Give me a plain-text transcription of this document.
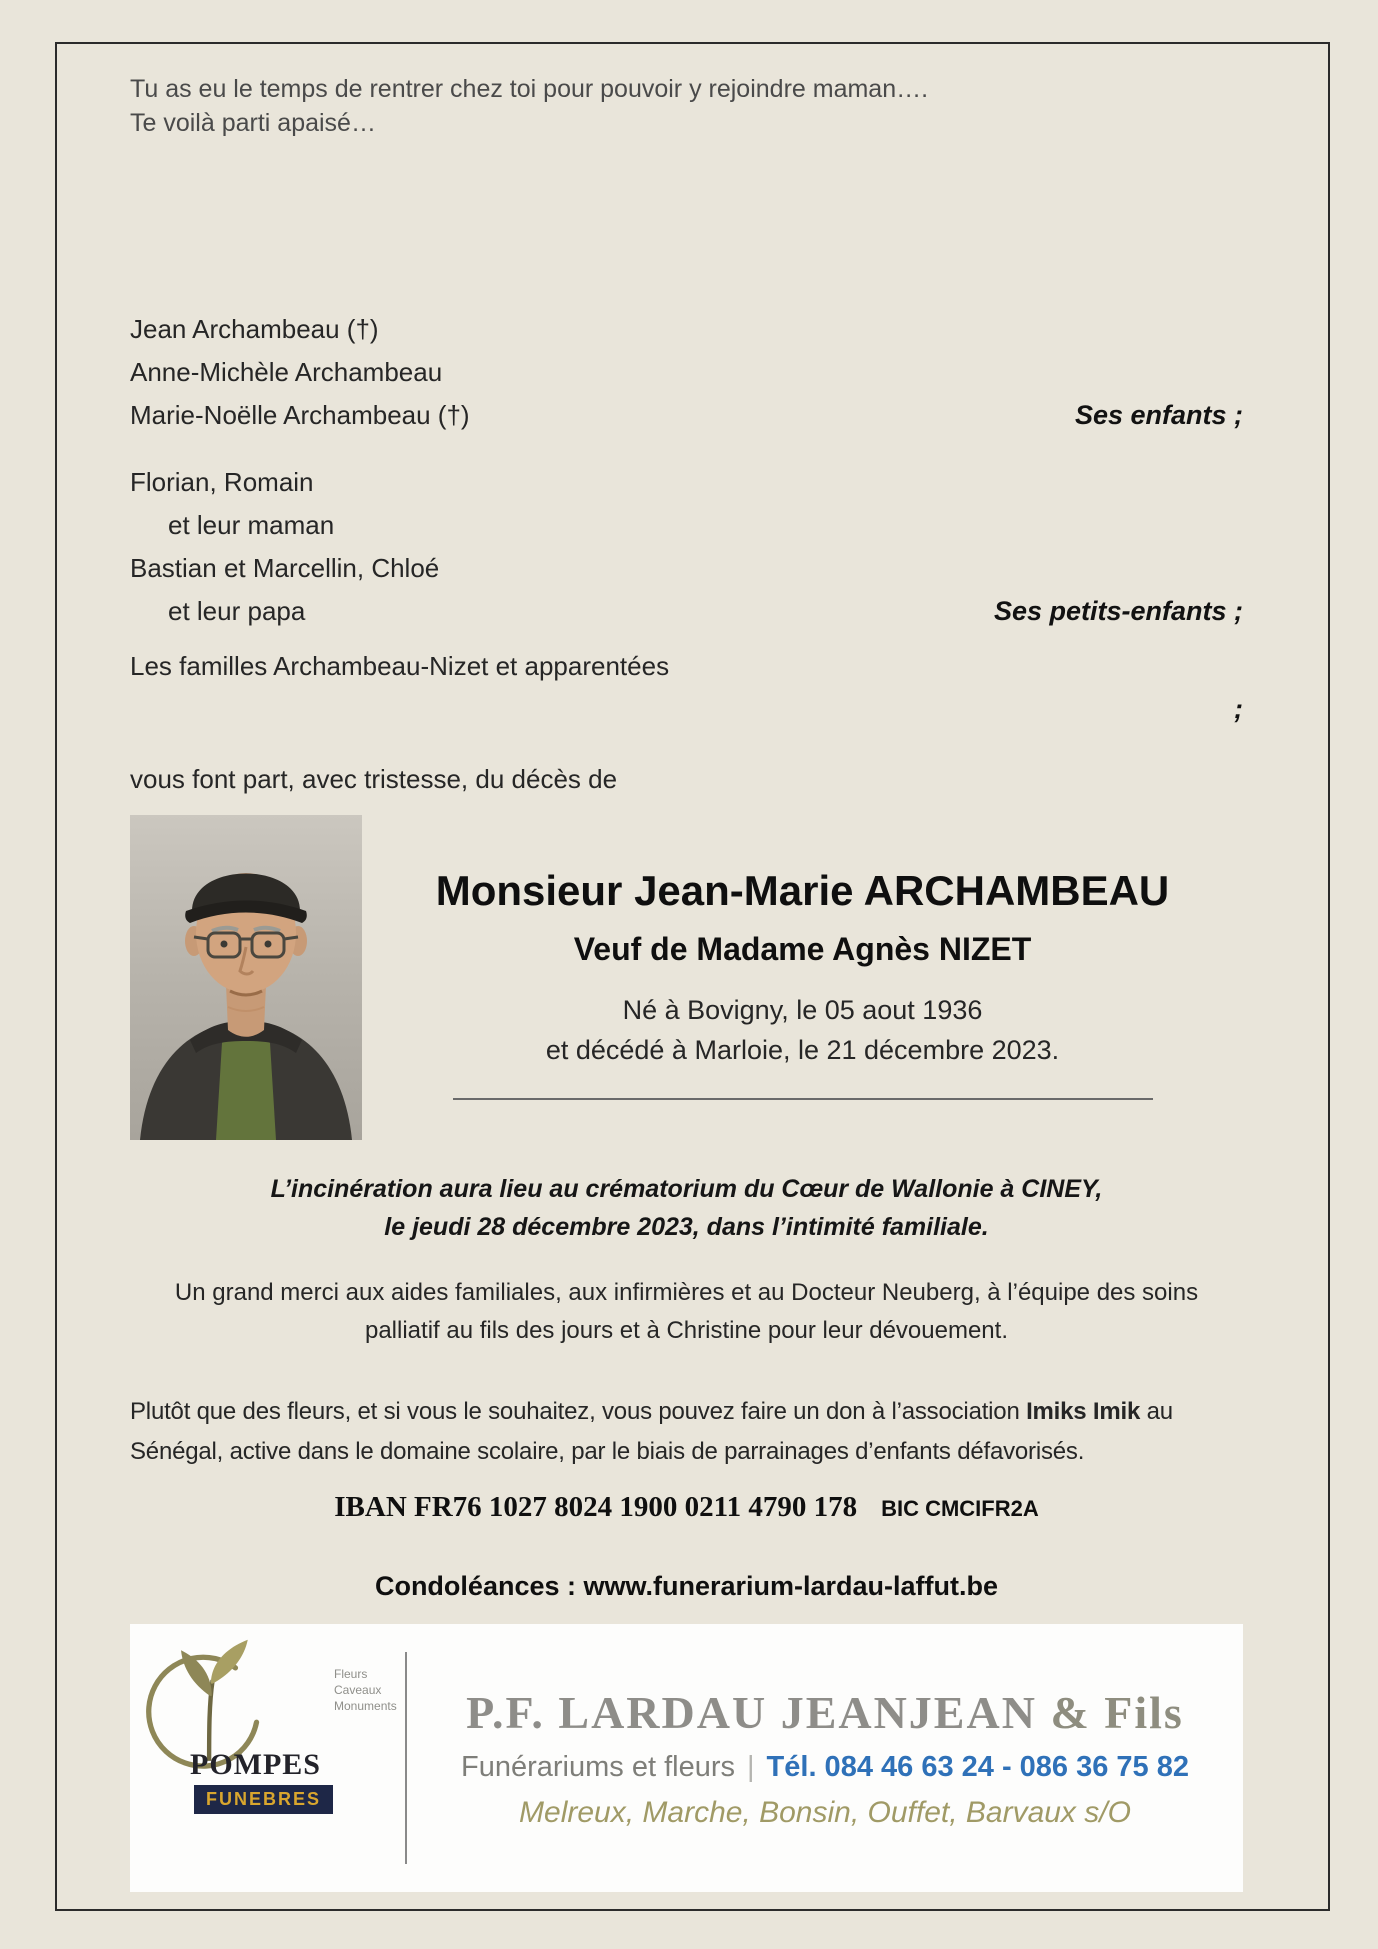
Tu as eu le temps de rentrer chez toi pour pouvoir y rejoindre maman….
Te voilà parti apaisé…
Jean Archambeau (†)
Anne-Michèle Archambeau
Marie-Noëlle Archambeau (†)	Ses enfants ;
Florian, Romain
et leur maman
Bastian et Marcellin, Chloé
et leur papa	Ses petits-enfants ;
Les familles Archambeau-Nizet et apparentées
;
vous font part, avec tristesse, du décès de
Monsieur Jean-Marie ARCHAMBEAU
Veuf de Madame Agnès NIZET
Né à Bovigny, le 05 aout 1936
et décédé à Marloie, le 21 décembre 2023.
L’incinération aura lieu au crématorium du Cœur de Wallonie à CINEY,
le jeudi 28 décembre 2023, dans l’intimité familiale.
Un grand merci aux aides familiales, aux infirmières et au Docteur Neuberg, à l’équipe des soins
palliatif au fils des jours et à Christine pour leur dévouement.
Plutôt que des fleurs, et si vous le souhaitez, vous pouvez faire un don à l’association Imiks Imik au
Sénégal, active dans le domaine scolaire, par le biais de parrainages d’enfants défavorisés.
IBAN FR76 1027 8024 1900 0211 4790 178 BIC CMCIFR2A
Condoléances : www.funerarium-lardau-laffut.be
Fleurs
Caveaux
Monuments
POMPES
FUNEBRES
P.F. LARDAU JEANJEAN & Fils
Funérariums et fleurs | Tél. 084 46 63 24 - 086 36 75 82
Melreux, Marche, Bonsin, Ouffet, Barvaux s/O
